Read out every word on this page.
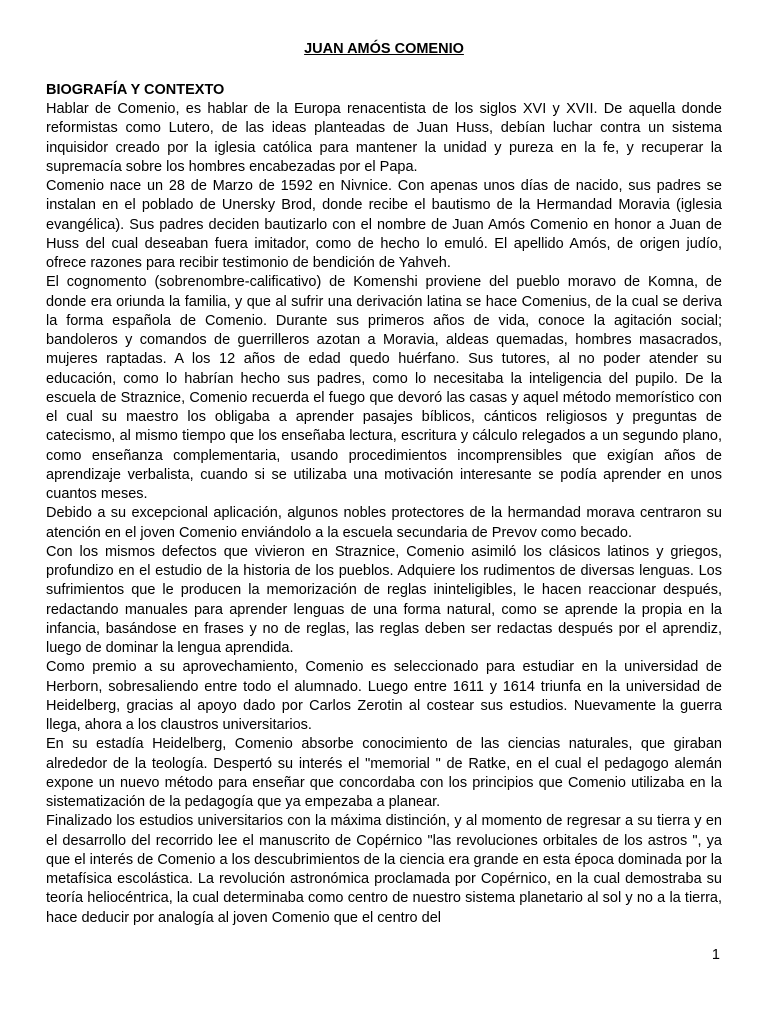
JUAN AMÓS COMENIO
BIOGRAFÍA Y CONTEXTO

Hablar de Comenio, es hablar de la Europa renacentista de los siglos XVI y XVII. De aquella donde reformistas como Lutero, de las ideas planteadas de Juan Huss, debían luchar contra un sistema inquisidor creado por la iglesia católica para mantener la unidad y pureza en la fe, y recuperar la supremacía sobre los hombres encabezadas por el Papa.

Comenio nace un 28 de Marzo de 1592 en Nivnice. Con apenas unos días de nacido, sus padres se instalan en el poblado de Unersky Brod, donde recibe el bautismo de la Hermandad Moravia (iglesia evangélica). Sus padres deciden bautizarlo con el nombre de Juan Amós Comenio en honor a Juan de Huss del cual deseaban fuera imitador, como de hecho lo emuló. El apellido Amós, de origen judío, ofrece razones para recibir testimonio de bendición de Yahveh.

El cognomento (sobrenombre-calificativo) de Komenshi proviene del pueblo moravo de Komna, de donde era oriunda la familia, y que al sufrir una derivación latina se hace Comenius, de la cual se deriva la forma española de Comenio. Durante sus primeros años de vida, conoce la agitación social; bandoleros y comandos de guerrilleros azotan a Moravia, aldeas quemadas, hombres masacrados, mujeres raptadas. A los 12 años de edad quedo huérfano. Sus tutores, al no poder atender su educación, como lo habrían hecho sus padres, como lo necesitaba la inteligencia del pupilo. De la escuela de Straznice, Comenio recuerda el fuego que devoró las casas y aquel método memorístico con el cual su maestro los obligaba a aprender pasajes bíblicos, cánticos religiosos y preguntas de catecismo, al mismo tiempo que los enseñaba lectura, escritura y cálculo relegados a un segundo plano, como enseñanza complementaria, usando procedimientos incomprensibles que exigían años de aprendizaje verbalista, cuando si se utilizaba una motivación interesante se podía aprender en unos cuantos meses.

Debido a su excepcional aplicación, algunos nobles protectores de la hermandad morava centraron su atención en el joven Comenio enviándolo a la escuela secundaria de Prevov como becado.

Con los mismos defectos que vivieron en Straznice, Comenio asimiló los clásicos latinos y griegos, profundizo en el estudio de la historia de los pueblos. Adquiere los rudimentos de diversas lenguas. Los sufrimientos que le producen la memorización de reglas ininteligibles, le hacen reaccionar después, redactando manuales para aprender lenguas de una forma natural, como se aprende la propia en la infancia, basándose en frases y no de reglas, las reglas deben ser redactas después por el aprendiz, luego de dominar la lengua aprendida.

Como premio a su aprovechamiento, Comenio es seleccionado para estudiar en la universidad de Herborn, sobresaliendo entre todo el alumnado. Luego entre 1611 y 1614 triunfa en la universidad de Heidelberg, gracias al apoyo dado por Carlos Zerotin al costear sus estudios. Nuevamente la guerra llega, ahora a los claustros universitarios.

En su estadía Heidelberg, Comenio absorbe conocimiento de las ciencias naturales, que giraban alrededor de la teología. Despertó su interés el "memorial " de Ratke, en el cual el pedagogo alemán expone un nuevo método para enseñar que concordaba con los principios que Comenio utilizaba en la sistematización de la pedagogía que ya empezaba a planear.

Finalizado los estudios universitarios con la máxima distinción, y al momento de regresar a su tierra y en el desarrollo del recorrido lee el manuscrito de Copérnico "las revoluciones orbitales de los astros ", ya que el interés de Comenio a los descubrimientos de la ciencia era grande en esta época dominada por la metafísica escolástica. La revolución astronómica proclamada por Copérnico, en la cual demostraba su teoría heliocéntrica, la cual determinaba como centro de nuestro sistema planetario al sol y no a la tierra, hace deducir por analogía al joven Comenio que el centro del

1
